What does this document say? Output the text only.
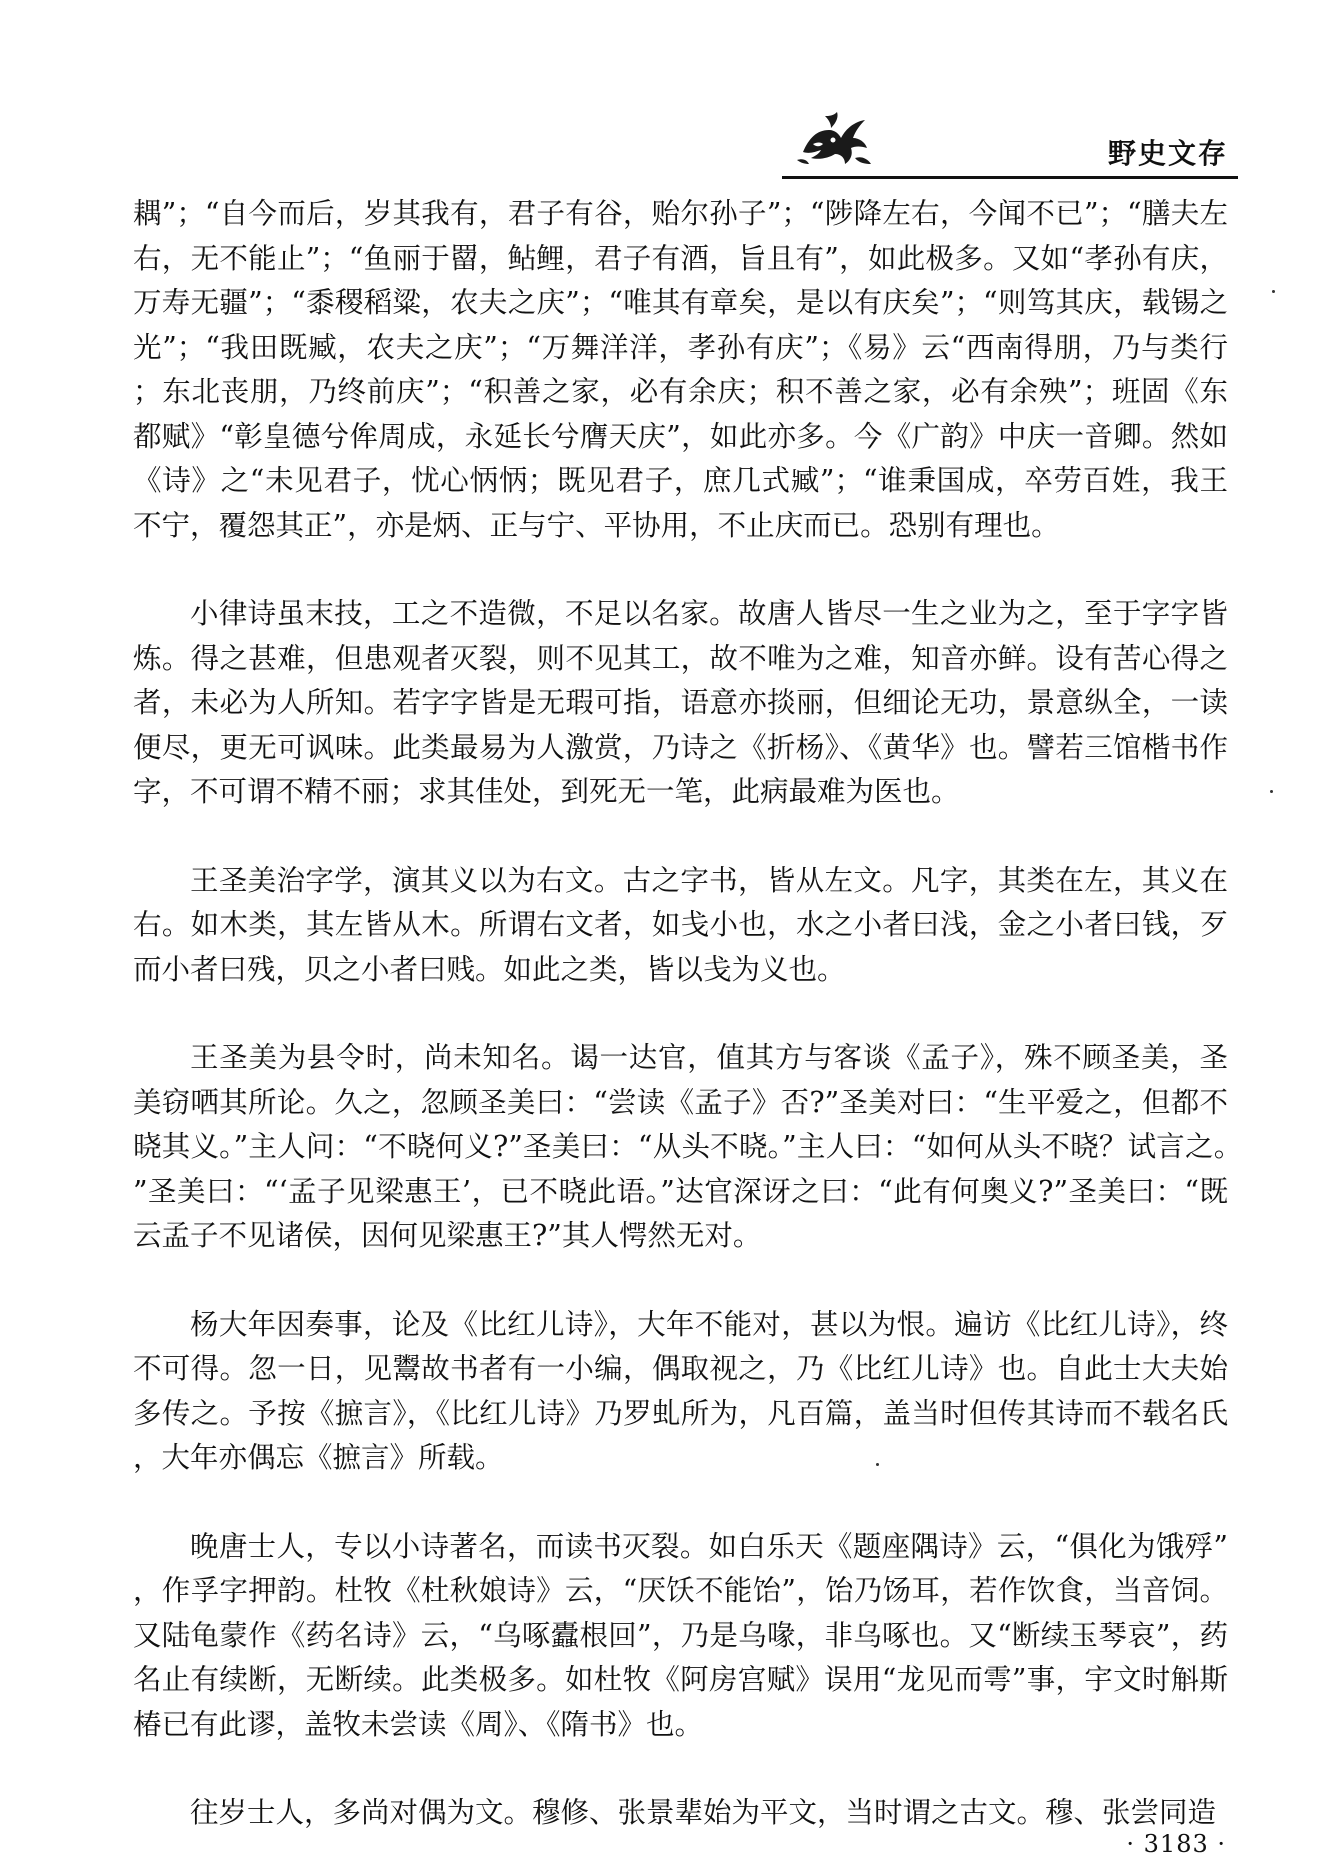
野史文存

耦”；“自今而后，岁其我有，君子有谷，贻尔孙子”；“陟降左右，今闻不已”；“膳夫左右，无不能止”；“鱼丽于罶，鲇鲤，君子有酒，旨且有”，如此极多。又如“孝孙有庆，万寿无疆”；“黍稷稻粱，农夫之庆”；“唯其有章矣，是以有庆矣”；“则笃其庆，载锡之光”；“我田既臧，农夫之庆”；“万舞洋洋，孝孙有庆”；《易》云“西南得朋，乃与类行；东北丧朋，乃终前庆”；“积善之家，必有余庆；积不善之家，必有余殃”；班固《东都赋》“彰皇德兮侔周成，永延长兮膺天庆”，如此亦多。今《广韵》中庆一音卿。然如《诗》之“未见君子，忧心怲怲；既见君子，庶几式臧”；“谁秉国成，卒劳百姓，我王不宁，覆怨其正”，亦是炳、正与宁、平协用，不止庆而已。恐别有理也。

小律诗虽末技，工之不造微，不足以名家。故唐人皆尽一生之业为之，至于字字皆炼。得之甚难，但患观者灭裂，则不见其工，故不唯为之难，知音亦鲜。设有苦心得之者，未必为人所知。若字字皆是无瑕可指，语意亦掞丽，但细论无功，景意纵全，一读便尽，更无可讽味。此类最易为人激赏，乃诗之《折杨》、《黄华》也。譬若三馆楷书作字，不可谓不精不丽；求其佳处，到死无一笔，此病最难为医也。

王圣美治字学，演其义以为右文。古之字书，皆从左文。凡字，其类在左，其义在右。如木类，其左皆从木。所谓右文者，如戋小也，水之小者曰浅，金之小者曰钱，歹而小者曰残，贝之小者曰贱。如此之类，皆以戋为义也。

王圣美为县令时，尚未知名。谒一达官，值其方与客谈《孟子》，殊不顾圣美，圣美窃哂其所论。久之，忽顾圣美曰：“尝读《孟子》否?”圣美对曰：“生平爱之，但都不晓其义。”主人问：“不晓何义?”圣美曰：“从头不晓。”主人曰：“如何从头不晓？试言之。”圣美曰：“‘孟子见梁惠王’，已不晓此语。”达官深讶之曰：“此有何奥义?”圣美曰：“既云孟子不见诸侯，因何见梁惠王?”其人愕然无对。

杨大年因奏事，论及《比红儿诗》，大年不能对，甚以为恨。遍访《比红儿诗》，终不可得。忽一日，见鬻故书者有一小编，偶取视之，乃《比红儿诗》也。自此士大夫始多传之。予按《摭言》，《比红儿诗》乃罗虬所为，凡百篇，盖当时但传其诗而不载名氏，大年亦偶忘《摭言》所载。

晚唐士人，专以小诗著名，而读书灭裂。如白乐天《题座隅诗》云，“俱化为饿殍”，作孚字押韵。杜牧《杜秋娘诗》云，“厌饫不能饴”，饴乃饧耳，若作饮食，当音饲。又陆龟蒙作《药名诗》云，“乌啄蠹根回”，乃是乌喙，非乌啄也。又“断续玉琴哀”，药名止有续断，无断续。此类极多。如杜牧《阿房宫赋》误用“龙见而雩”事，宇文时斛斯椿已有此谬，盖牧未尝读《周》、《隋书》也。

往岁士人，多尚对偶为文。穆修、张景辈始为平文，当时谓之古文。穆、张尝同造

· 3183 ·
